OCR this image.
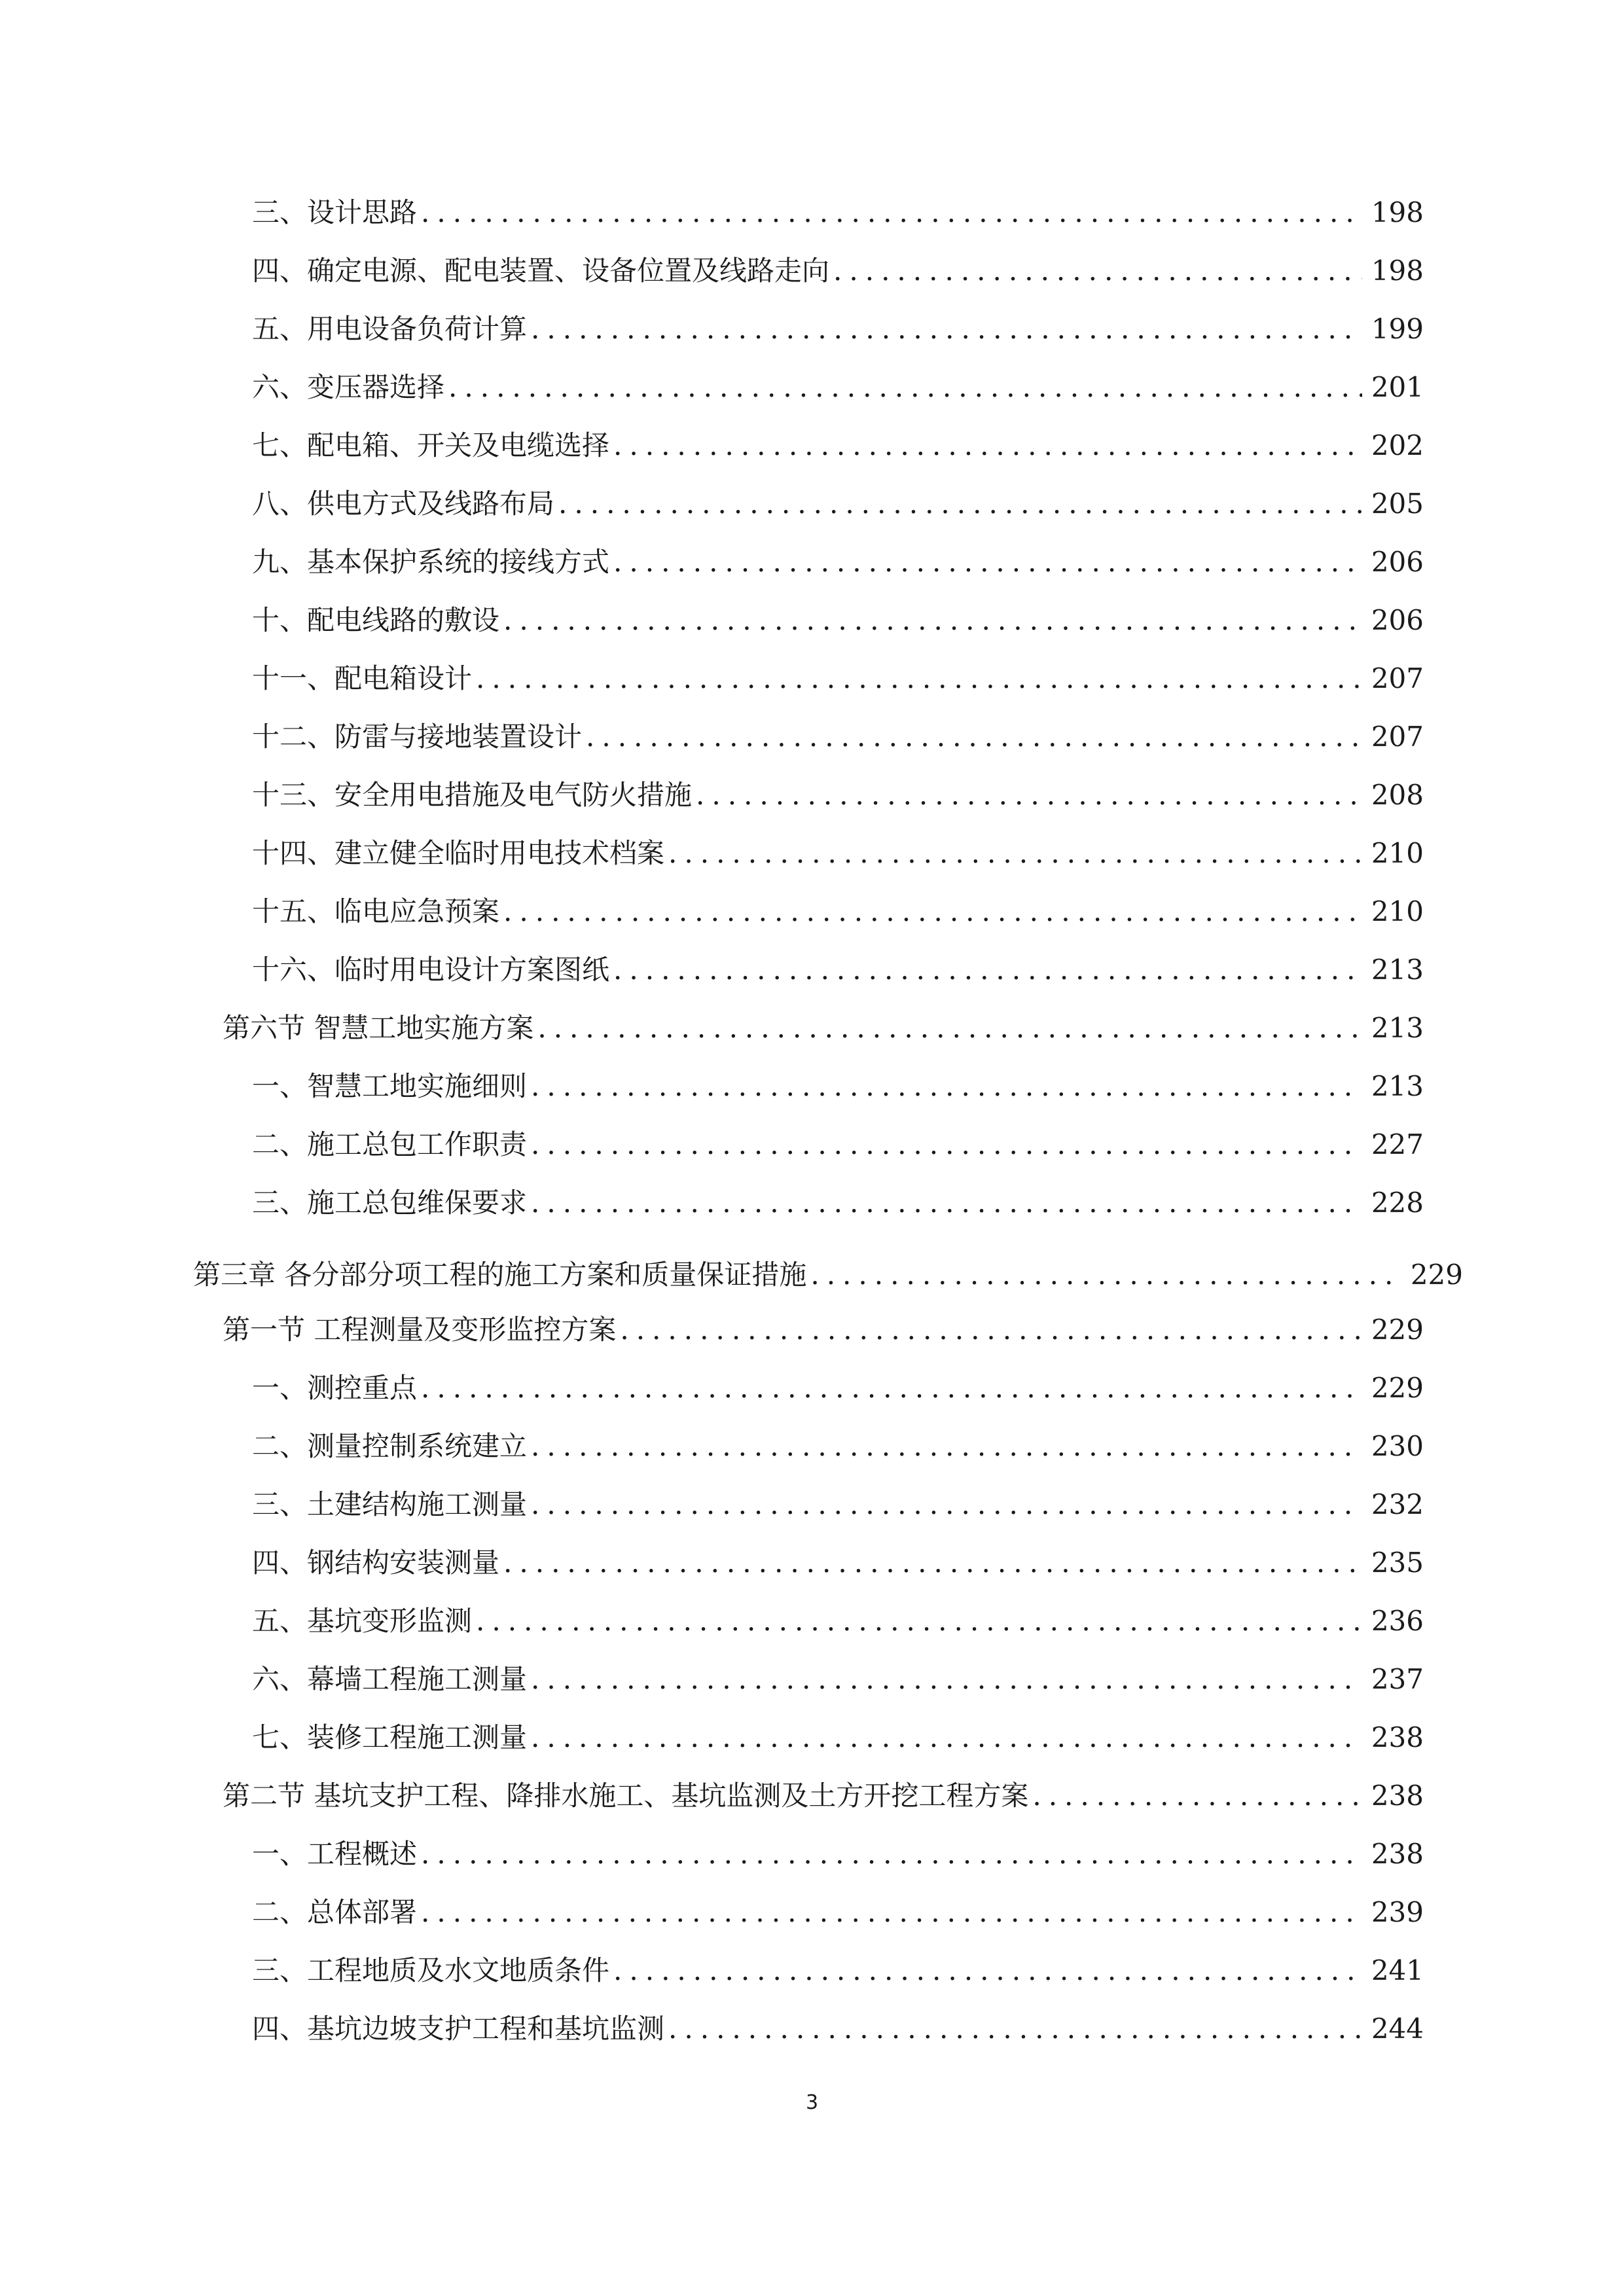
三、设计思路 .....	198
四、确定电源、配电装置、设备位置及线路走向 .....	198
五、用电设备负荷计算 .....	199
六、变压器选择 .....	201
七、配电箱、开关及电缆选择 .....	202
八、供电方式及线路布局 .....	205
九、基本保护系统的接线方式 .....	206
十、配电线路的敷设 .....	206
十一、配电箱设计 .....	207
十二、防雷与接地装置设计 .....	207
十三、安全用电措施及电气防火措施 .....	208
十四、建立健全临时用电技术档案 .....	210
十五、临电应急预案 .....	210
十六、临时用电设计方案图纸 .....	213
第六节 智慧工地实施方案 .....	213
一、智慧工地实施细则 .....	213
二、施工总包工作职责 .....	227
三、施工总包维保要求 .....	228
第三章 各分部分项工程的施工方案和质量保证措施 .....	229
第一节 工程测量及变形监控方案 .....	229
一、测控重点 .....	229
二、测量控制系统建立 .....	230
三、土建结构施工测量 .....	232
四、钢结构安装测量 .....	235
五、基坑变形监测 .....	236
六、幕墙工程施工测量 .....	237
七、装修工程施工测量 .....	238
第二节 基坑支护工程、降排水施工、基坑监测及土方开挖工程方案 .....	238
一、工程概述 .....	238
二、总体部署 .....	239
三、工程地质及水文地质条件 .....	241
四、基坑边坡支护工程和基坑监测 .....	244
3
